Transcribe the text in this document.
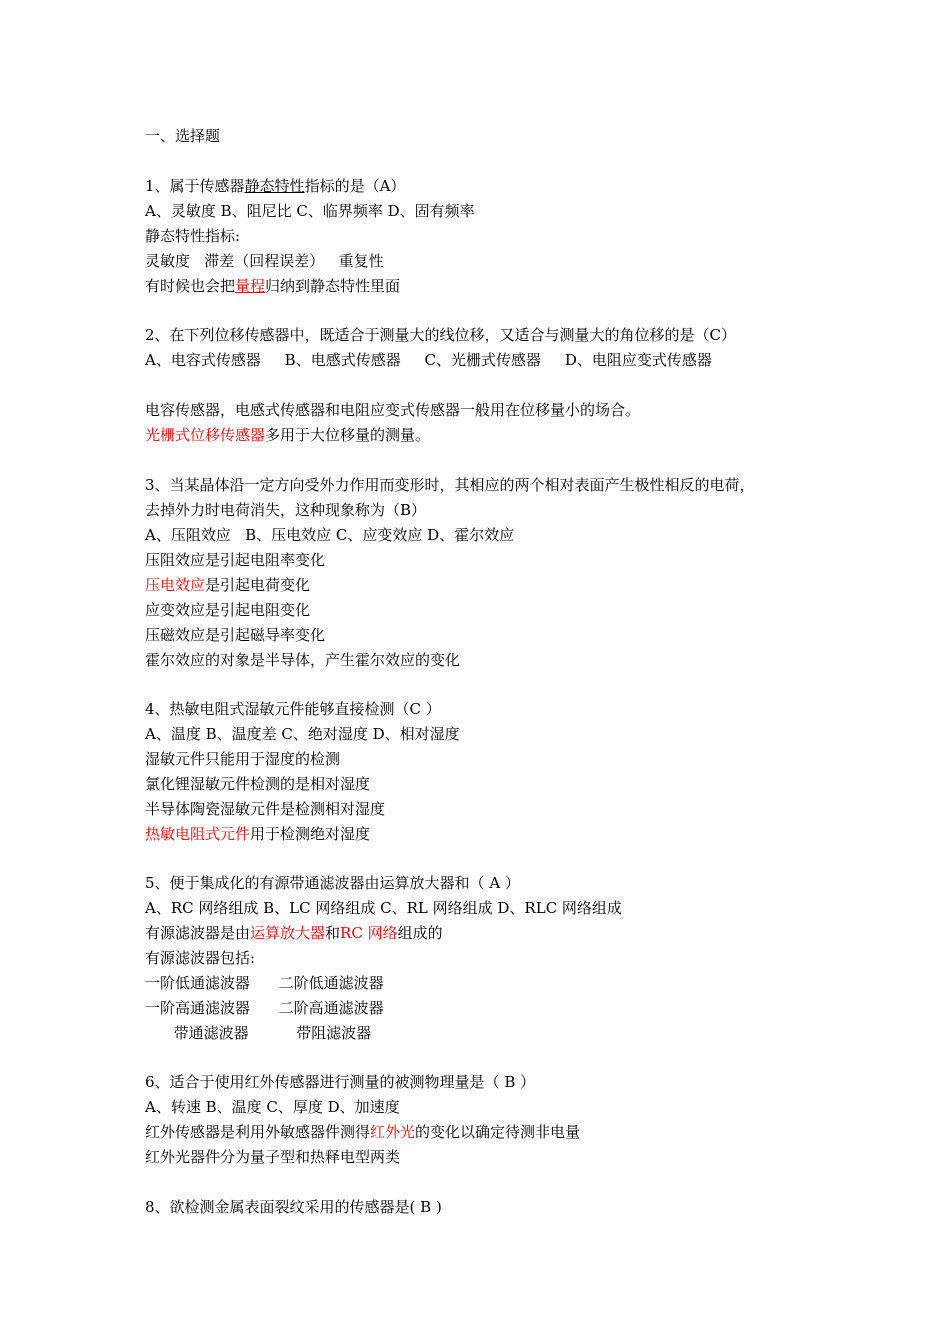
一、选择题
1、属于传感器静态特性指标的是（A）
A、灵敏度 B、阻尼比 C、临界频率 D、固有频率
静态特性指标:
灵敏度   滞差（回程误差）   重复性
有时候也会把量程归纳到静态特性里面
2、在下列位移传感器中，既适合于测量大的线位移，又适合与测量大的角位移的是（C）
A、电容式传感器     B、电感式传感器     C、光栅式传感器     D、电阻应变式传感器
电容传感器，电感式传感器和电阻应变式传感器一般用在位移量小的场合。
光栅式位移传感器多用于大位移量的测量。
3、当某晶体沿一定方向受外力作用而变形时，其相应的两个相对表面产生极性相反的电荷，
去掉外力时电荷消失，这种现象称为（B）
A、压阻效应   B、压电效应 C、应变效应 D、霍尔效应
压阻效应是引起电阻率变化
压电效应是引起电荷变化
应变效应是引起电阻变化
压磁效应是引起磁导率变化
霍尔效应的对象是半导体，产生霍尔效应的变化
4、热敏电阻式湿敏元件能够直接检测（C ）
A、温度 B、温度差 C、绝对湿度 D、相对湿度
湿敏元件只能用于湿度的检测
氯化锂湿敏元件检测的是相对湿度
半导体陶瓷湿敏元件是检测相对湿度
热敏电阻式元件用于检测绝对湿度
5、便于集成化的有源带通滤波器由运算放大器和（ A ）
A、RC 网络组成 B、LC 网络组成 C、RL 网络组成 D、RLC 网络组成
有源滤波器是由运算放大器和RC 网络组成的
有源滤波器包括:
一阶低通滤波器      二阶低通滤波器
一阶高通滤波器      二阶高通滤波器
带通滤波器          带阻滤波器
6、适合于使用红外传感器进行测量的被测物理量是（ B ）
A、转速 B、温度 C、厚度 D、加速度
红外传感器是利用外敏感器件测得红外光的变化以确定待测非电量
红外光器件分为量子型和热释电型两类
8、欲检测金属表面裂纹采用的传感器是( B )
